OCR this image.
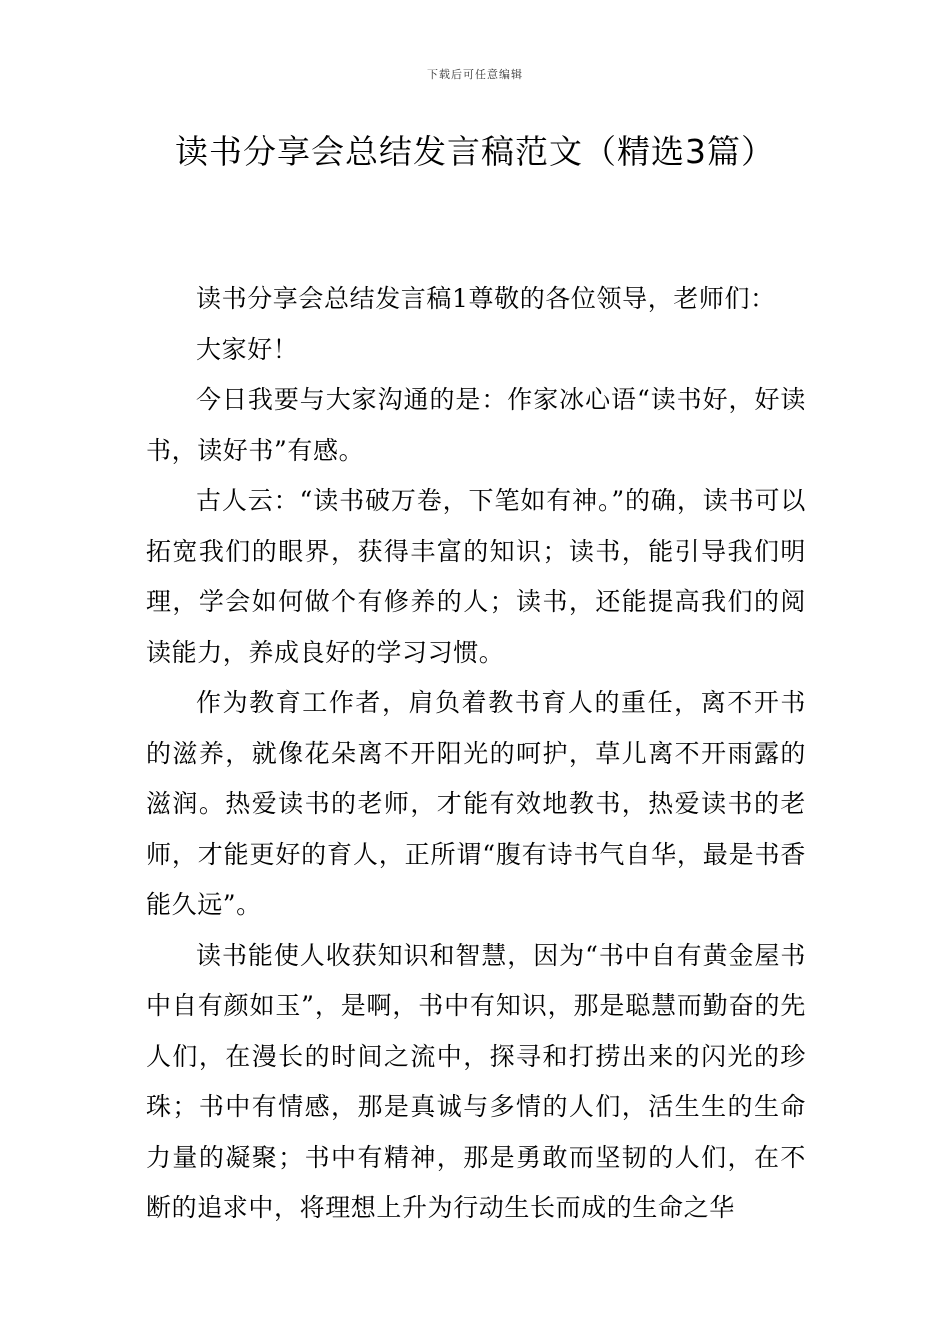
下载后可任意编辑

读书分享会总结发言稿范文（精选3篇）

读书分享会总结发言稿1尊敬的各位领导，老师们：

大家好！

今日我要与大家沟通的是：作家冰心语“读书好，好读书，读好书”有感。

古人云：“读书破万卷，下笔如有神。”的确，读书可以拓宽我们的眼界，获得丰富的知识；读书，能引导我们明理，学会如何做个有修养的人；读书，还能提高我们的阅读能力，养成良好的学习习惯。

作为教育工作者，肩负着教书育人的重任，离不开书的滋养，就像花朵离不开阳光的呵护，草儿离不开雨露的滋润。热爱读书的老师，才能有效地教书，热爱读书的老师，才能更好的育人，正所谓“腹有诗书气自华，最是书香能久远”。

读书能使人收获知识和智慧，因为“书中自有黄金屋书中自有颜如玉”，是啊，书中有知识，那是聪慧而勤奋的先人们，在漫长的时间之流中，探寻和打捞出来的闪光的珍珠；书中有情感，那是真诚与多情的人们，活生生的生命力量的凝聚；书中有精神，那是勇敢而坚韧的人们，在不断的追求中，将理想上升为行动生长而成的生命之华
